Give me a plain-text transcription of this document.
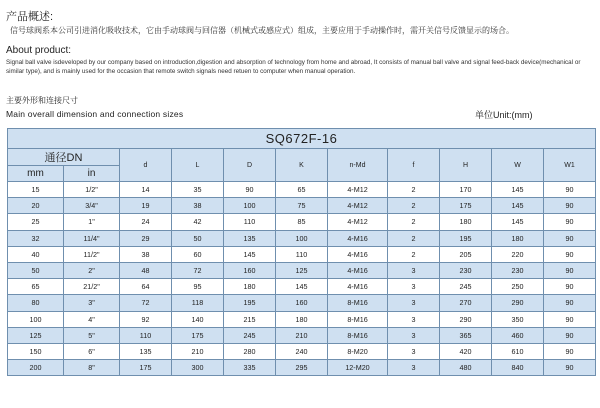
产品概述:
信号球阀系本公司引进消化吸收技术，它由手动球阀与回信器（机械式或感应式）组成，主要应用于手动操作时，需开关信号反馈显示的场合。
About product:
Signal ball valve isdeveloped by our company based on introduction,digestion and absorption of technology from home and abroad, It consists of manual ball valve and signal feed-back device(mechanical or similar type), and is mainly used for the occasion that remote switch signals need retuen to computer when manual operation.
主要外形和连接尺寸
Main overall dimension and connection sizes	单位Unit:(mm)
SQ672F-16										
通径DN		d	L	D	K	n-Md	f	H	W	W1
mm	in									
15	1/2"	14	35	90	65	4-M12	2	170	145	90
20	3/4"	19	38	100	75	4-M12	2	175	145	90
25	1"	24	42	110	85	4-M12	2	180	145	90
32	11/4"	29	50	135	100	4-M16	2	195	180	90
40	11/2"	38	60	145	110	4-M16	2	205	220	90
50	2"	48	72	160	125	4-M16	3	230	230	90
65	21/2"	64	95	180	145	4-M16	3	245	250	90
80	3"	72	118	195	160	8-M16	3	270	290	90
100	4"	92	140	215	180	8-M16	3	290	350	90
125	5"	110	175	245	210	8-M16	3	365	460	90
150	6"	135	210	280	240	8-M20	3	420	610	90
200	8"	175	300	335	295	12-M20	3	480	840	90
